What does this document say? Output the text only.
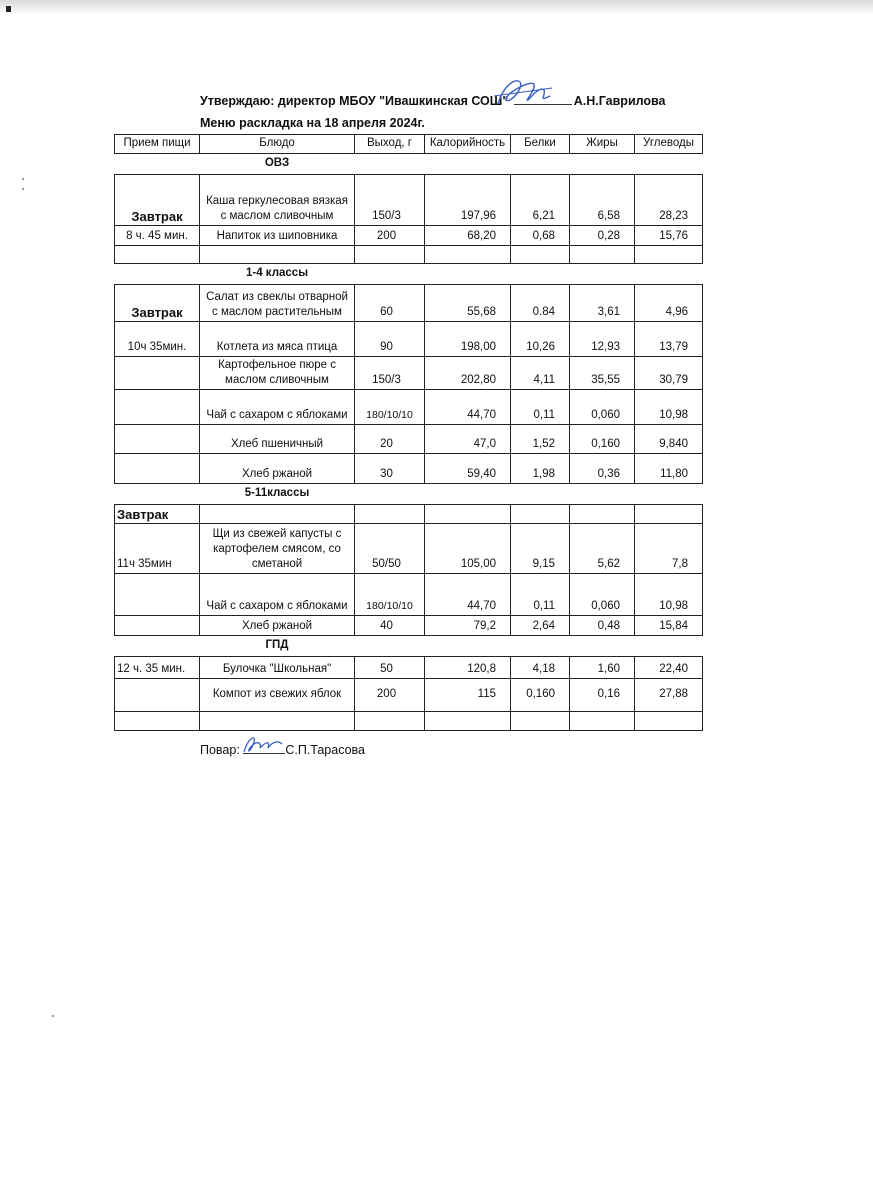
Утверждаю: директор МБОУ "Ивашкинская СОШ"	А.Н.Гаврилова
Меню раскладка на 18 апреля 2024г.
Прием пищи	Блюдо	Выход, г	Калорийность	Белки	Жиры	Углеводы
	ОВЗ					
Завтрак	Каша геркулесовая вязкая с маслом сливочным	150/3	197,96	6,21	6,58	28,23
8 ч. 45 мин.	Напиток из шиповника	200	68,20	0,68	0,28	15,76

	1-4 классы					
Завтрак	Салат из свеклы отварной с маслом растительным	60	55,68	0.84	3,61	4,96
10ч 35мин.	Котлета из мяса птица	90	198,00	10,26	12,93	13,79
	Картофельное пюре с маслом сливочным	150/3	202,80	4,11	35,55	30,79
	Чай с сахаром с яблоками	180/10/10	44,70	0,11	0,060	10,98
	Хлеб пшеничный	20	47,0	1,52	0,160	9,840
	Хлеб ржаной	30	59,40	1,98	0,36	11,80
	5-11классы					
Завтрак						
11ч 35мин	Щи из свежей капусты с картофелем смясом, со сметаной	50/50	105,00	9,15	5,62	7,8
	Чай с сахаром с яблоками	180/10/10	44,70	0,11	0,060	10,98
	Хлеб ржаной	40	79,2	2,64	0,48	15,84
	ГПД					
12 ч. 35 мин.	Булочка "Школьная"	50	120,8	4,18	1,60	22,40
	Компот из свежих яблок	200	115	0,160	0,16	27,88

Повар:	С.П.Тарасова
